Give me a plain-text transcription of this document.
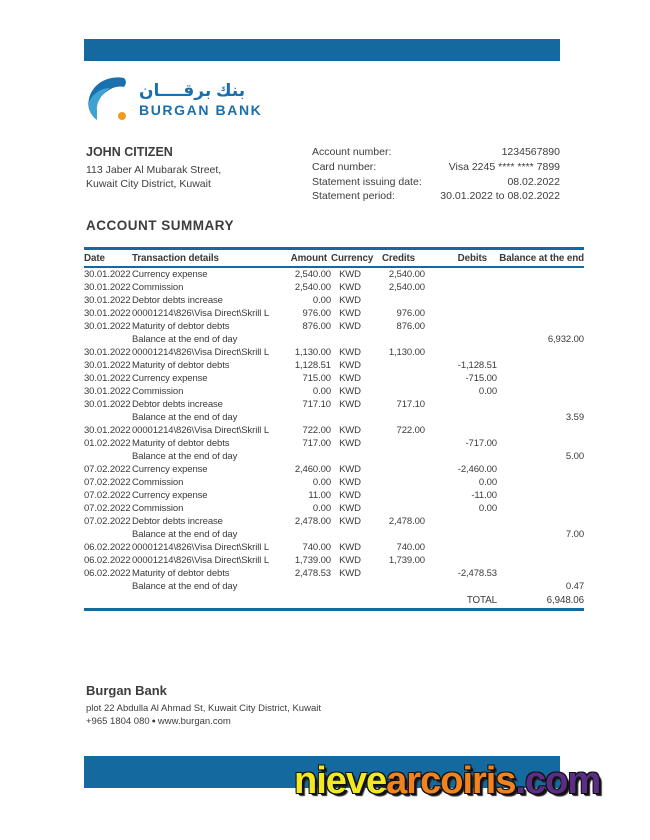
بنك برقــــان
BURGAN BANK
JOHN CITIZEN
113 Jaber Al Mubarak Street,
Kuwait City District, Kuwait
Account number:	1234567890
Card number:	Visa 2245 **** **** 7899
Statement issuing date:	08.02.2022
Statement period:	30.01.2022 to 08.02.2022
ACCOUNT SUMMARY
Date	Transaction details	Amount	Currency	Credits	Debits	Balance at the end
30.01.2022	Currency expense	2,540.00	KWD	2,540.00		
30.01.2022	Commission	2,540.00	KWD	2,540.00		
30.01.2022	Debtor debts increase	0.00	KWD			
30.01.2022	00001214\826\Visa Direct\Skrill L	976.00	KWD	976.00		
30.01.2022	Maturity of debtor debts	876.00	KWD	876.00		
	Balance at the end of day					6,932.00
30.01.2022	00001214\826\Visa Direct\Skrill L	1,130.00	KWD	1,130.00		
30.01.2022	Maturity of debtor debts	1,128.51	KWD		-1,128.51	
30.01.2022	Currency expense	715.00	KWD		-715.00	
30.01.2022	Commission	0.00	KWD		0.00	
30.01.2022	Debtor debts increase	717.10	KWD	717.10		
	Balance at the end of day					3.59
30.01.2022	00001214\826\Visa Direct\Skrill L	722.00	KWD	722.00		
01.02.2022	Maturity of debtor debts	717.00	KWD		-717.00	
	Balance at the end of day					5.00
07.02.2022	Currency expense	2,460.00	KWD		-2,460.00	
07.02.2022	Commission	0.00	KWD		0.00	
07.02.2022	Currency expense	11.00	KWD		-11.00	
07.02.2022	Commission	0.00	KWD		0.00	
07.02.2022	Debtor debts increase	2,478.00	KWD	2,478.00		
	Balance at the end of day					7.00
06.02.2022	00001214\826\Visa Direct\Skrill L	740.00	KWD	740.00		
06.02.2022	00001214\826\Visa Direct\Skrill L	1,739.00	KWD	1,739.00		
06.02.2022	Maturity of debtor debts	2,478.53	KWD		-2,478.53	
	Balance at the end of day					0.47
					TOTAL	6,948.06
Burgan Bank
plot 22 Abdulla Al Ahmad St, Kuwait City District, Kuwait
+965 1804 080 ● www.burgan.com
nievearcoiris.com
